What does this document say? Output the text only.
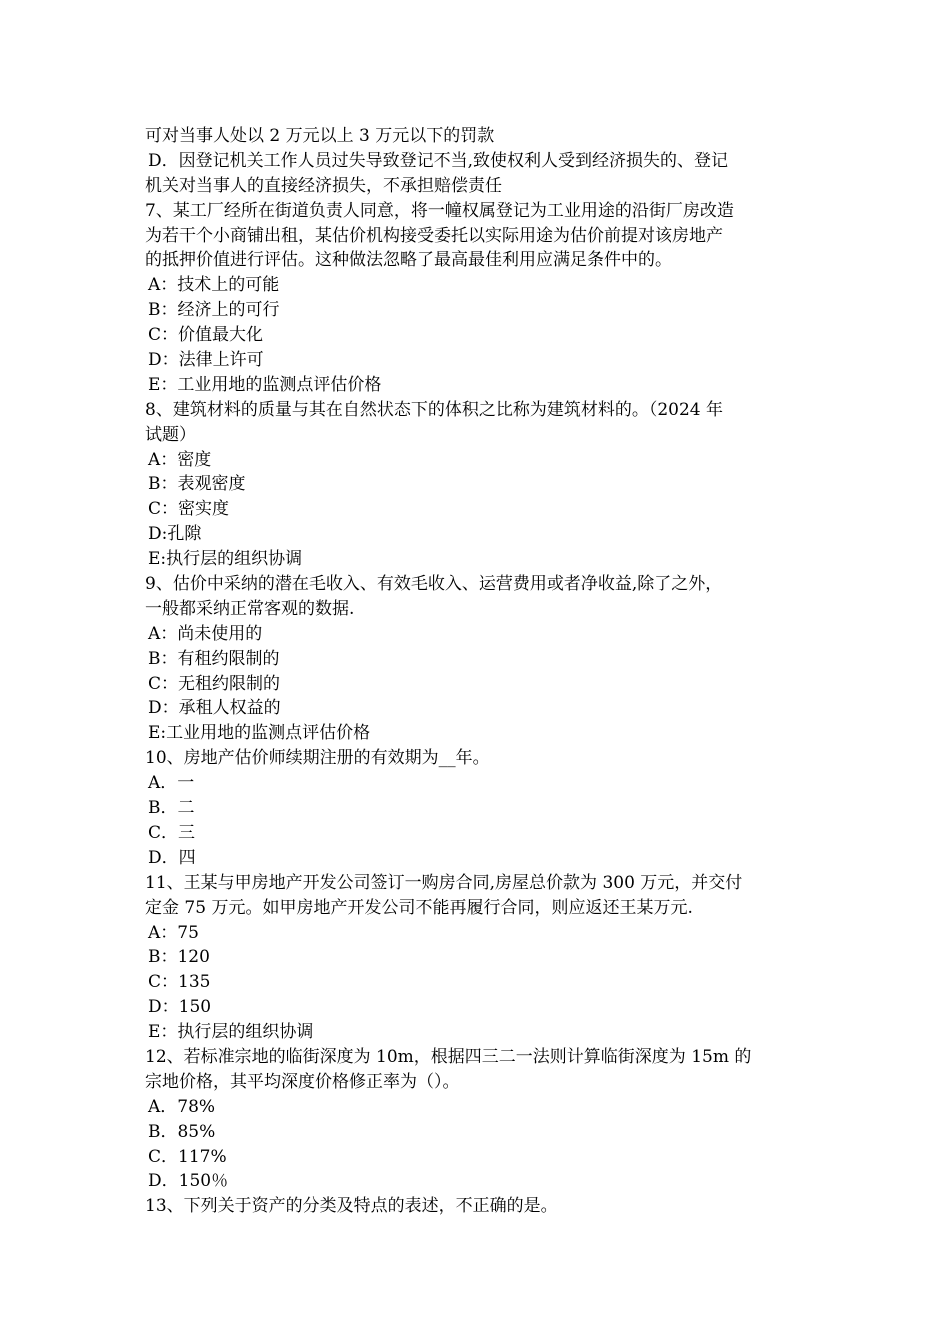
可对当事人处以 2 万元以上 3 万元以下的罚款
D．因登记机关工作人员过失导致登记不当,致使权利人受到经济损失的、登记
机关对当事人的直接经济损失，不承担赔偿责任
7、某工厂经所在街道负责人同意，将一幢权属登记为工业用途的沿街厂房改造
为若干个小商铺出租，某估价机构接受委托以实际用途为估价前提对该房地产
的抵押价值进行评估。这种做法忽略了最高最佳利用应满足条件中的。
A：技术上的可能
B：经济上的可行
C：价值最大化
D：法律上许可
E：工业用地的监测点评估价格
8、建筑材料的质量与其在自然状态下的体积之比称为建筑材料的。（2024 年
试题）
A：密度
B：表观密度
C：密实度
D:孔隙
E:执行层的组织协调
9、估价中采纳的潜在毛收入、有效毛收入、运营费用或者净收益,除了之外，
一般都采纳正常客观的数据.
A：尚未使用的
B：有租约限制的
C：无租约限制的
D：承租人权益的
E:工业用地的监测点评估价格
10、房地产估价师续期注册的有效期为__年。
A．一
B．二
C．三
D．四
11、王某与甲房地产开发公司签订一购房合同,房屋总价款为 300 万元，并交付
定金 75 万元。如甲房地产开发公司不能再履行合同，则应返还王某万元.
A：75
B：120
C：135
D：150
E：执行层的组织协调
12、若标准宗地的临街深度为 10m，根据四三二一法则计算临街深度为 15m 的
宗地价格，其平均深度价格修正率为（）。
A．78%
B．85%
C．117%
D．150％
13、下列关于资产的分类及特点的表述，不正确的是。
